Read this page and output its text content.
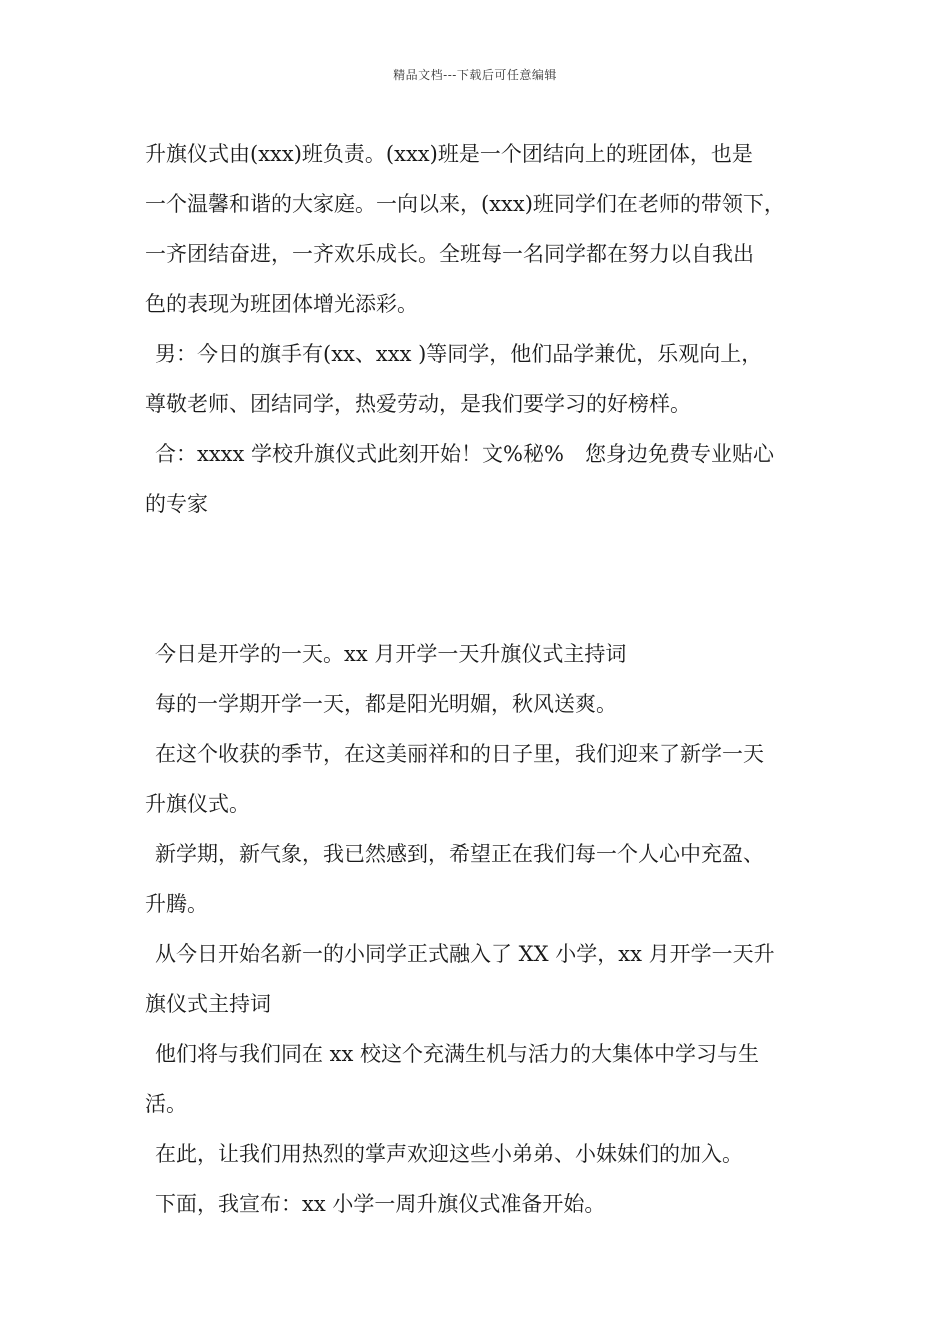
精品文档---下载后可任意编辑
升旗仪式由(xxx)班负责。(xxx)班是一个团结向上的班团体，也是
一个温馨和谐的大家庭。一向以来，(xxx)班同学们在老师的带领下，
一齐团结奋进，一齐欢乐成长。全班每一名同学都在努力以自我出
色的表现为班团体增光添彩。
男：今日的旗手有(xx、xxx )等同学，他们品学兼优，乐观向上，
尊敬老师、团结同学，热爱劳动，是我们要学习的好榜样。
合：xxxx 学校升旗仪式此刻开始！文%秘%　您身边免费专业贴心
的专家
今日是开学的一天。xx 月开学一天升旗仪式主持词
每的一学期开学一天，都是阳光明媚，秋风送爽。
在这个收获的季节，在这美丽祥和的日子里，我们迎来了新学一天
升旗仪式。
新学期，新气象，我已然感到，希望正在我们每一个人心中充盈、
升腾。
从今日开始名新一的小同学正式融入了 XX 小学，xx 月开学一天升
旗仪式主持词
他们将与我们同在 xx 校这个充满生机与活力的大集体中学习与生
活。
在此，让我们用热烈的掌声欢迎这些小弟弟、小妹妹们的加入。
下面，我宣布：xx 小学一周升旗仪式准备开始。
